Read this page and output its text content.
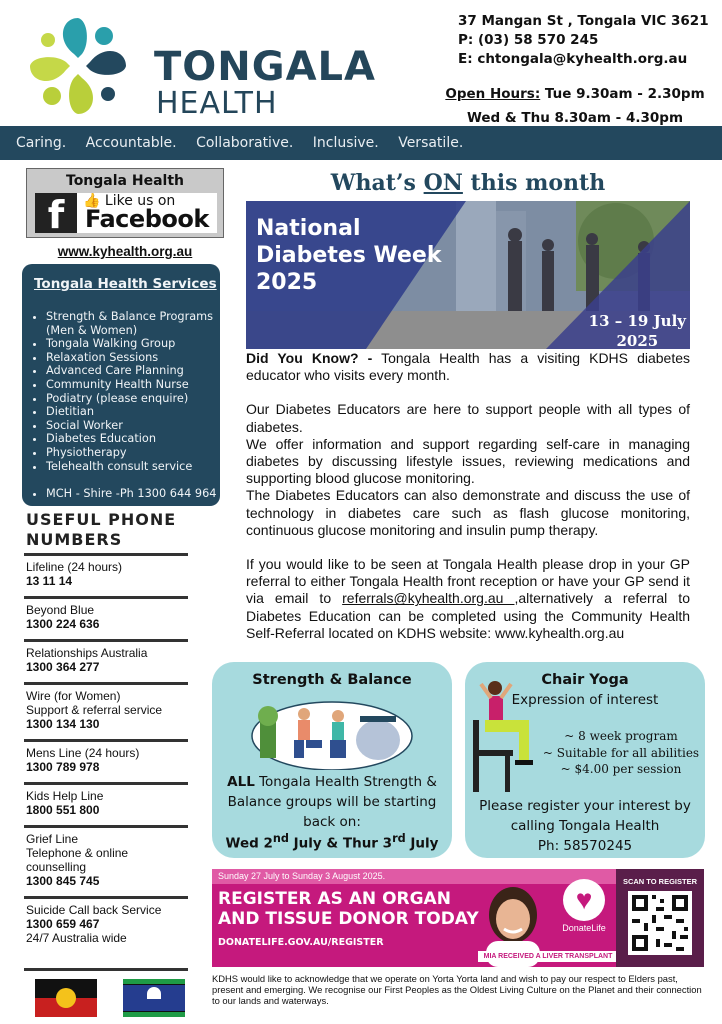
TONGALA
HEALTH
37 Mangan St , Tongala VIC 3621
P: (03) 58 570 245
E: chtongala@kyhealth.org.au
Open Hours: Tue 9.30am - 2.30pm
Wed & Thu 8.30am - 4.30pm
Caring. Accountable. Collaborative. Inclusive. Versatile.
Tongala Health
f	👍 Like us on
Facebook
www.kyhealth.org.au
Tongala Health Services
• Strength & Balance Programs (Men & Women)
• Tongala Walking Group
• Relaxation Sessions
• Advanced Care Planning
• Community Health Nurse
• Podiatry (please enquire)
• Dietitian
• Social Worker
• Diabetes Education
• Physiotherapy
• Telehealth consult service
• MCH - Shire -Ph 1300 644 964
USEFUL PHONE NUMBERS
Lifeline (24 hours)
13 11 14
Beyond Blue
1300 224 636
Relationships Australia
1300 364 277
Wire (for Women)
Support & referral service
1300 134 130
Mens Line (24 hours)
1300 789 978
Kids Help Line
1800 551 800
Grief Line
Telephone & online counselling
1300 845 745
Suicide Call back Service
1300 659 467
24/7 Australia wide
What’s ON this month
National
Diabetes Week
2025
13 – 19 July
2025

Did You Know? - Tongala Health has a visiting KDHS diabetes educator who visits every month.

Our Diabetes Educators are here to support people with all types of diabetes.

We offer information and support regarding self-care in managing diabetes by discussing lifestyle issues, reviewing medications and supporting blood glucose monitoring.

The Diabetes Educators can also demonstrate and discuss the use of technology in diabetes care such as flash glucose monitoring, continuous glucose monitoring and insulin pump therapy.

If you would like to be seen at Tongala Health please drop in your GP referral to either Tongala Health front reception or have your GP send it via email to referrals@kyhealth.org.au ,alternatively a referral to Diabetes Education can be completed using the Community Health Self-Referral located on KDHS website: www.kyhealth.org.au

Strength & Balance
ALL Tongala Health Strength & Balance groups will be starting back on:
Wed 2nd July & Thur 3rd July
Chair Yoga
Expression of interest
~ 8 week program
~ Suitable for all abilities
~ $4.00 per session
Please register your interest by calling Tongala Health
Ph: 58570245
Sunday 27 July to Sunday 3 August 2025.
REGISTER AS AN ORGAN
AND TISSUE DONOR TODAY
DONATELIFE.GOV.AU/REGISTER
MIA RECEIVED A LIVER TRANSPLANT
♥
DonateLife
SCAN TO REGISTER
KDHS would like to acknowledge that we operate on Yorta Yorta land and wish to pay our respect to Elders past, present and emerging. We recognise our First Peoples as the Oldest Living Culture on the Planet and their connection to our lands and waterways.
